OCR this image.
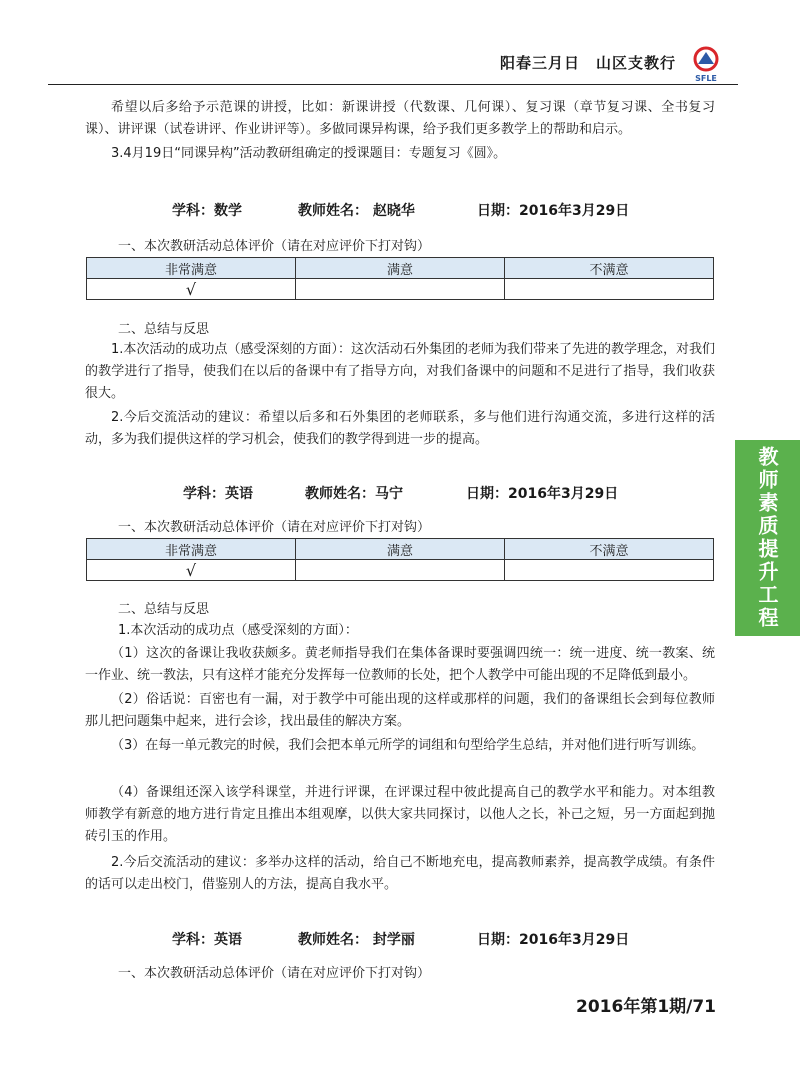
阳春三月日　山区支教行
SFLE
教师素质提升工程
希望以后多给予示范课的讲授，比如：新课讲授（代数课、几何课）、复习课（章节复习课、全书复习课）、讲评课（试卷讲评、作业讲评等）。多做同课异构课，给予我们更多教学上的帮助和启示。
3.4月19日“同课异构”活动教研组确定的授课题目：专题复习《圆》。
学科：数学	教师姓名： 赵晓华	日期：2016年3月29日
一、本次教研活动总体评价（请在对应评价下打对钩）
非常满意	满意	不满意
√		
二、总结与反思
1.本次活动的成功点（感受深刻的方面）：这次活动石外集团的老师为我们带来了先进的教学理念，对我们的教学进行了指导，使我们在以后的备课中有了指导方向，对我们备课中的问题和不足进行了指导，我们收获很大。
2.今后交流活动的建议：希望以后多和石外集团的老师联系，多与他们进行沟通交流，多进行这样的活动，多为我们提供这样的学习机会，使我们的教学得到进一步的提高。
学科：英语	教师姓名：马宁	日期：2016年3月29日
一、本次教研活动总体评价（请在对应评价下打对钩）
非常满意	满意	不满意
√		
二、总结与反思
1.本次活动的成功点（感受深刻的方面）：
（1）这次的备课让我收获颇多。黄老师指导我们在集体备课时要强调四统一：统一进度、统一教案、统一作业、统一教法，只有这样才能充分发挥每一位教师的长处，把个人教学中可能出现的不足降低到最小。
（2）俗话说：百密也有一漏，对于教学中可能出现的这样或那样的问题，我们的备课组长会到每位教师那儿把问题集中起来，进行会诊，找出最佳的解决方案。
（3）在每一单元教完的时候，我们会把本单元所学的词组和句型给学生总结，并对他们进行听写训练。
（4）备课组还深入该学科课堂，并进行评课，在评课过程中彼此提高自己的教学水平和能力。对本组教师教学有新意的地方进行肯定且推出本组观摩，以供大家共同探讨，以他人之长，补己之短，另一方面起到抛砖引玉的作用。
2.今后交流活动的建议：多举办这样的活动，给自己不断地充电，提高教师素养，提高教学成绩。有条件的话可以走出校门，借鉴别人的方法，提高自我水平。
学科：英语	教师姓名： 封学丽	日期：2016年3月29日
一、本次教研活动总体评价（请在对应评价下打对钩）
2016年第1期/71
